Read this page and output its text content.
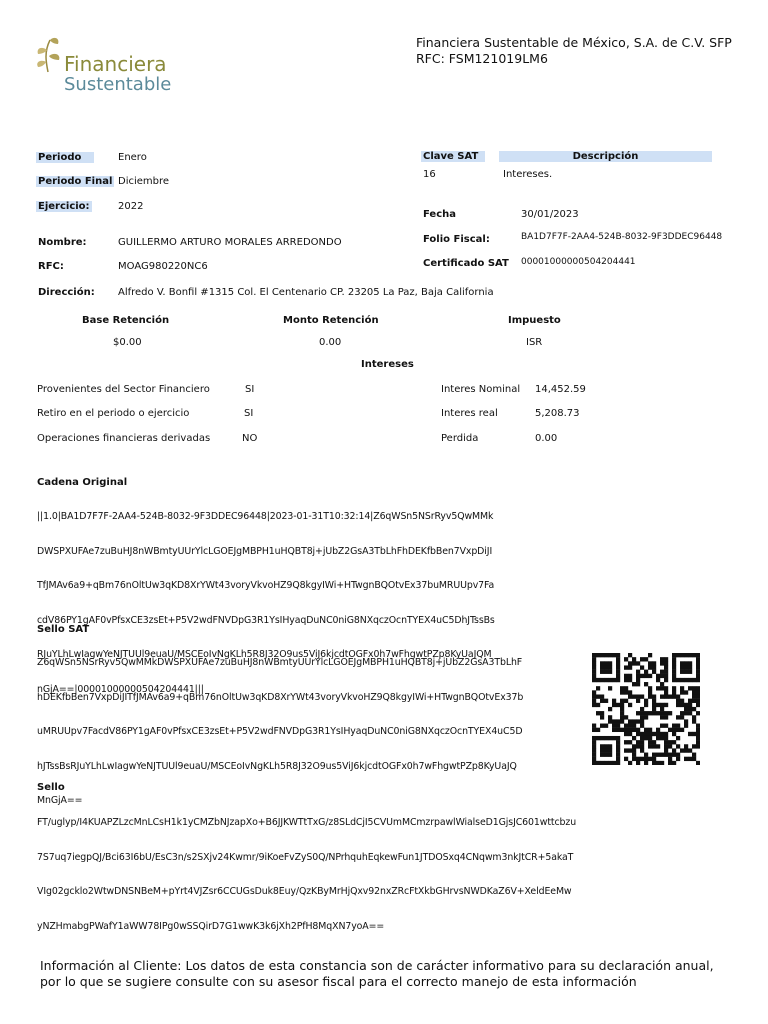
Financiera
Sustentable
Financiera Sustentable de México, S.A. de C.V. SFP
RFC: FSM121019LM6
Periodo	Enero
Periodo Final Diciembre
Ejercicio:	2022
Nombre:	GUILLERMO ARTURO MORALES ARREDONDO
RFC:	MOAG980220NC6
Dirección: Alfredo V. Bonfil #1315 Col. El Centenario CP. 23205 La Paz, Baja California
Clave SAT	Descripción
16	Intereses.
Fecha	30/01/2023
Folio Fiscal:	BA1D7F7F-2AA4-524B-8032-9F3DDEC96448
Certificado SAT 00001000000504204441
Base Retención	Monto Retención	Impuesto
$0.00	0.00	ISR
Intereses
Provenientes del Sector Financiero	SI
Retiro en el periodo o ejercicio	SI
Operaciones financieras derivadas	NO
Interes Nominal 14,452.59
Interes real	5,208.73
Perdida	0.00
Cadena Original

||1.0|BA1D7F7F-2AA4-524B-8032-9F3DDEC96448|2023-01-31T10:32:14|Z6qWSn5NSrRyv5QwMMk

DWSPXUFAe7zuBuHJ8nWBmtyUUrYlcLGOEJgMBPH1uHQBT8j+jUbZ2GsA3TbLhFhDEKfbBen7VxpDiJI

TfJMAv6a9+qBm76nOltUw3qKD8XrYWt43voryVkvoHZ9Q8kgyIWi+HTwgnBQOtvEx37buMRUUpv7Fa

cdV86PY1gAF0vPfsxCE3zsEt+P5V2wdFNVDpG3R1YsIHyaqDuNC0niG8NXqczOcnTYEX4uC5DhJTssBs

RJuYLhLwIagwYeNJTUUl9euaU/MSCEoIvNgKLh5R8J32O9us5ViJ6kjcdtOGFx0h7wFhgwtPZp8KyUaJQM

nGjA==|00001000000504204441|||

Sello SAT

Z6qWSn5NSrRyv5QwMMkDWSPXUFAe7zuBuHJ8nWBmtyUUrYlcLGOEJgMBPH1uHQBT8j+jUbZ2GsA3TbLhF

hDEKfbBen7VxpDiJITfJMAv6a9+qBm76nOltUw3qKD8XrYWt43voryVkvoHZ9Q8kgyIWi+HTwgnBQOtvEx37b

uMRUUpv7FacdV86PY1gAF0vPfsxCE3zsEt+P5V2wdFNVDpG3R1YsIHyaqDuNC0niG8NXqczOcnTYEX4uC5D

hJTssBsRJuYLhLwIagwYeNJTUUl9euaU/MSCEoIvNgKLh5R8J32O9us5ViJ6kjcdtOGFx0h7wFhgwtPZp8KyUaJQ

MnGjA==

Sello

FT/uglyp/I4KUAPZLzcMnLCsH1k1yCMZbNJzapXo+B6JJKWTtTxG/z8SLdCjI5CVUmMCmzrpawlWialseD1GjsJC601wttcbzu

7S7uq7iegpQJ/Bci63I6bU/EsC3n/s2SXjv24Kwmr/9iKoeFvZyS0Q/NPrhquhEqkewFun1JTDOSxq4CNqwm3nkJtCR+5akaT

VIg02gcklo2WtwDNSNBeM+pYrt4VJZsr6CCUGsDuk8Euy/QzKByMrHjQxv92nxZRcFtXkbGHrvsNWDKaZ6V+XeldEeMw

yNZHmabgPWafY1aWW78IPg0wSSQirD7G1wwK3k6jXh2PfH8MqXN7yoA==

Información al Cliente: Los datos de esta constancia son de carácter informativo para su declaración anual,
por lo que se sugiere consulte con su asesor fiscal para el correcto manejo de esta información
